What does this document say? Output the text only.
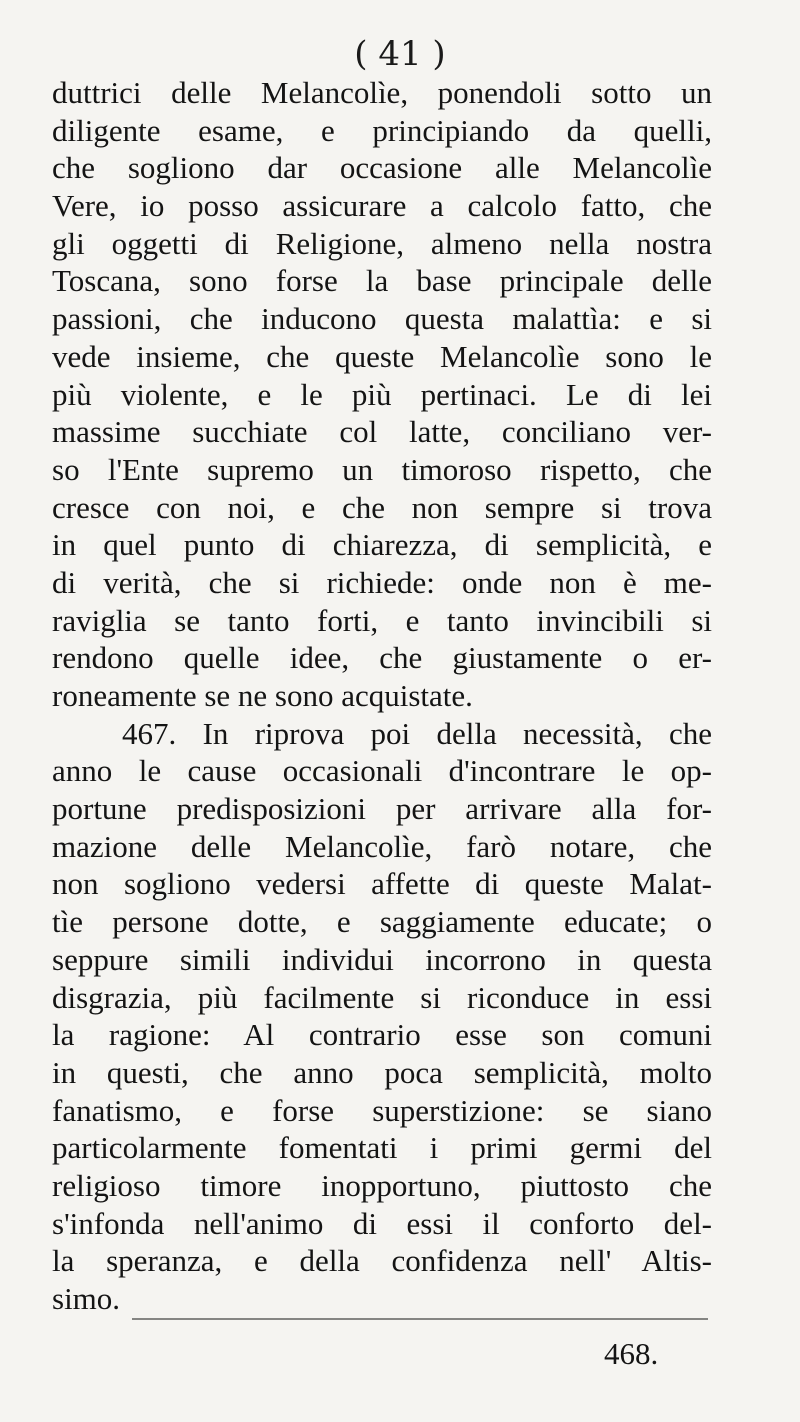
( 41 )
duttrici delle Melancolìe, ponendoli sotto un
diligente esame, e principiando da quelli,
che sogliono dar occasione alle Melancolìe
Vere, io posso assicurare a calcolo fatto, che
gli oggetti di Religione, almeno nella nostra
Toscana, sono forse la base principale delle
passioni, che inducono questa malattìa: e si
vede insieme, che queste Melancolìe sono le
più violente, e le più pertinaci. Le di lei
massime succhiate col latte, conciliano ver-
so l'Ente supremo un timoroso rispetto, che
cresce con noi, e che non sempre si trova
in quel punto di chiarezza, di semplicità, e
di verità, che si richiede: onde non è me-
raviglia se tanto forti, e tanto invincibili si
rendono quelle idee, che giustamente o er-
roneamente se ne sono acquistate.
467. In riprova poi della necessità, che
anno le cause occasionali d'incontrare le op-
portune predisposizioni per arrivare alla for-
mazione delle Melancolìe, farò notare, che
non sogliono vedersi affette di queste Malat-
tìe persone dotte, e saggiamente educate; o
seppure simili individui incorrono in questa
disgrazia, più facilmente si riconduce in essi
la ragione: Al contrario esse son comuni
in questi, che anno poca semplicità, molto
fanatismo, e forse superstizione: se siano
particolarmente fomentati i primi germi del
religioso timore inopportuno, piuttosto che
s'infonda nell'animo di essi il conforto del-
la speranza, e della confidenza nell' Altis-
simo.
468.
